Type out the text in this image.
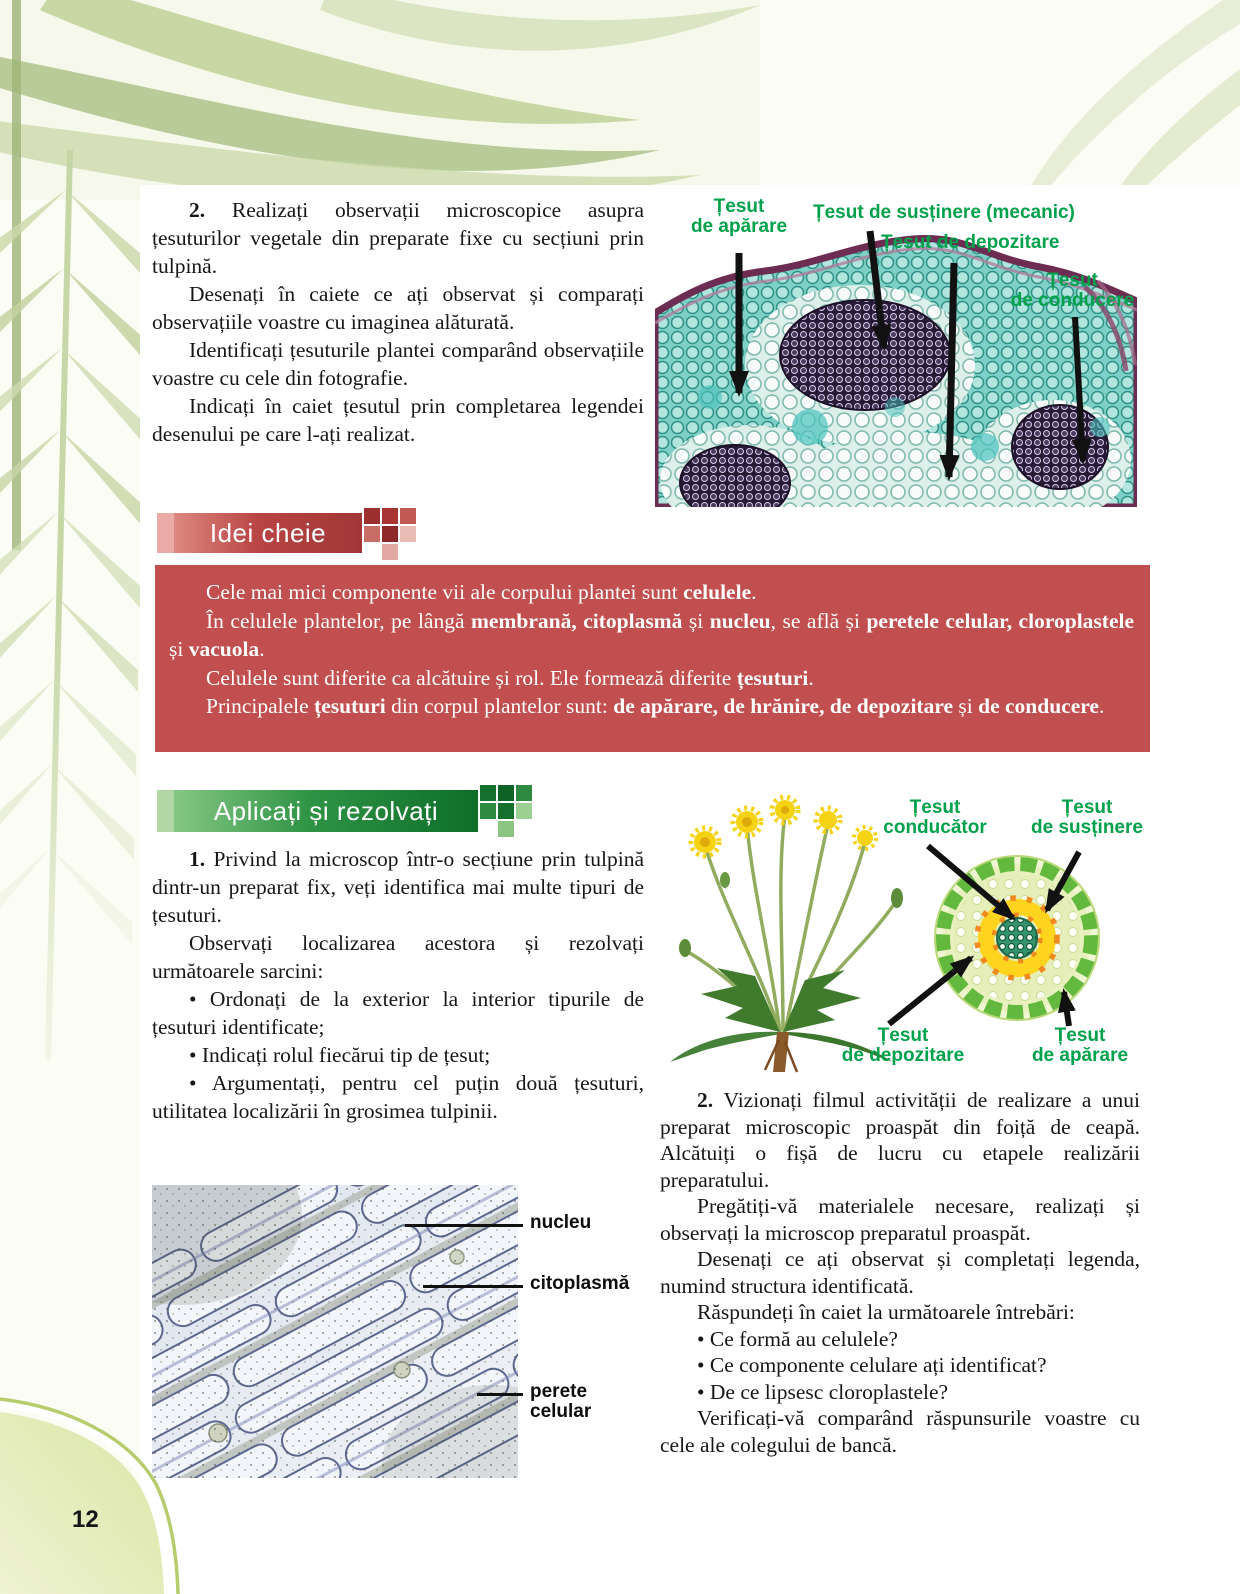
2. Realizați observații microscopice asupra țesuturilor vegetale din preparate fixe cu secțiuni prin tulpină.

Desenați în caiete ce ați observat și comparați observațiile voastre cu imaginea alăturată.

Identificați țesuturile plantei comparând observațiile voastre cu cele din fotografie.

Indicați în caiet țesutul prin completarea legendei desenului pe care l-ați realizat.

Țesut
de apărare
Țesut de susținere (mecanic)
Țesut de depozitare
Țesut
de conducere
Idei cheie

Cele mai mici componente vii ale corpului plantei sunt celulele.

În celulele plantelor, pe lângă membrană, citoplasmă și nucleu, se află și peretele celular, cloroplastele și vacuola.

Celulele sunt diferite ca alcătuire și rol. Ele formează diferite țesuturi.

Principalele țesuturi din corpul plantelor sunt: de apărare, de hrănire, de depozitare și de conducere.

Aplicați și rezolvați

1. Privind la microscop într-o secțiune prin tulpină dintr-un preparat fix, veți identifica mai multe tipuri de țesuturi.

Observați localizarea acestora și rezolvați următoarele sarcini:

• Ordonați de la exterior la interior tipurile de țesuturi identificate;

• Indicați rolul fiecărui tip de țesut;

• Argumentați, pentru cel puțin două țesuturi, utilitatea localizării în grosimea tulpinii.

Țesut
conducător
Țesut
de susținere
Țesut
de depozitare
Țesut
de apărare

2. Vizionați filmul activității de realizare a unui preparat microscopic proaspăt din foiță de ceapă. Alcătuiți o fișă de lucru cu etapele realizării preparatului.

Pregătiți-vă materialele necesare, realizați și observați la microscop preparatul proaspăt.

Desenați ce ați observat și completați legenda, numind structura identificată.

Răspundeți în caiet la următoarele întrebări:

• Ce formă au celulele?

• Ce componente celulare ați identificat?

• De ce lipsesc cloroplastele?

Verificați-vă comparând răspunsurile voastre cu cele ale colegului de bancă.

nucleu
citoplasmă
perete
celular
12
